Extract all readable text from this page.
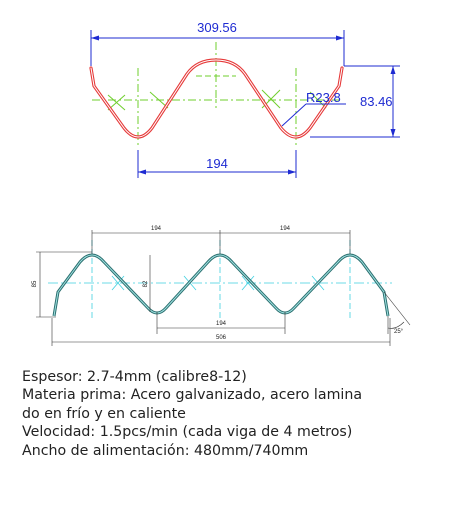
309.56
83.46
R23.8
194
194	194
85	82
194
506
25°
Espesor: 2.7-4mm (calibre8-12)
Materia prima: Acero galvanizado, acero lamina
do en frío y en caliente
Velocidad: 1.5pcs/min (cada viga de 4 metros)
Ancho de alimentación: 480mm/740mm
